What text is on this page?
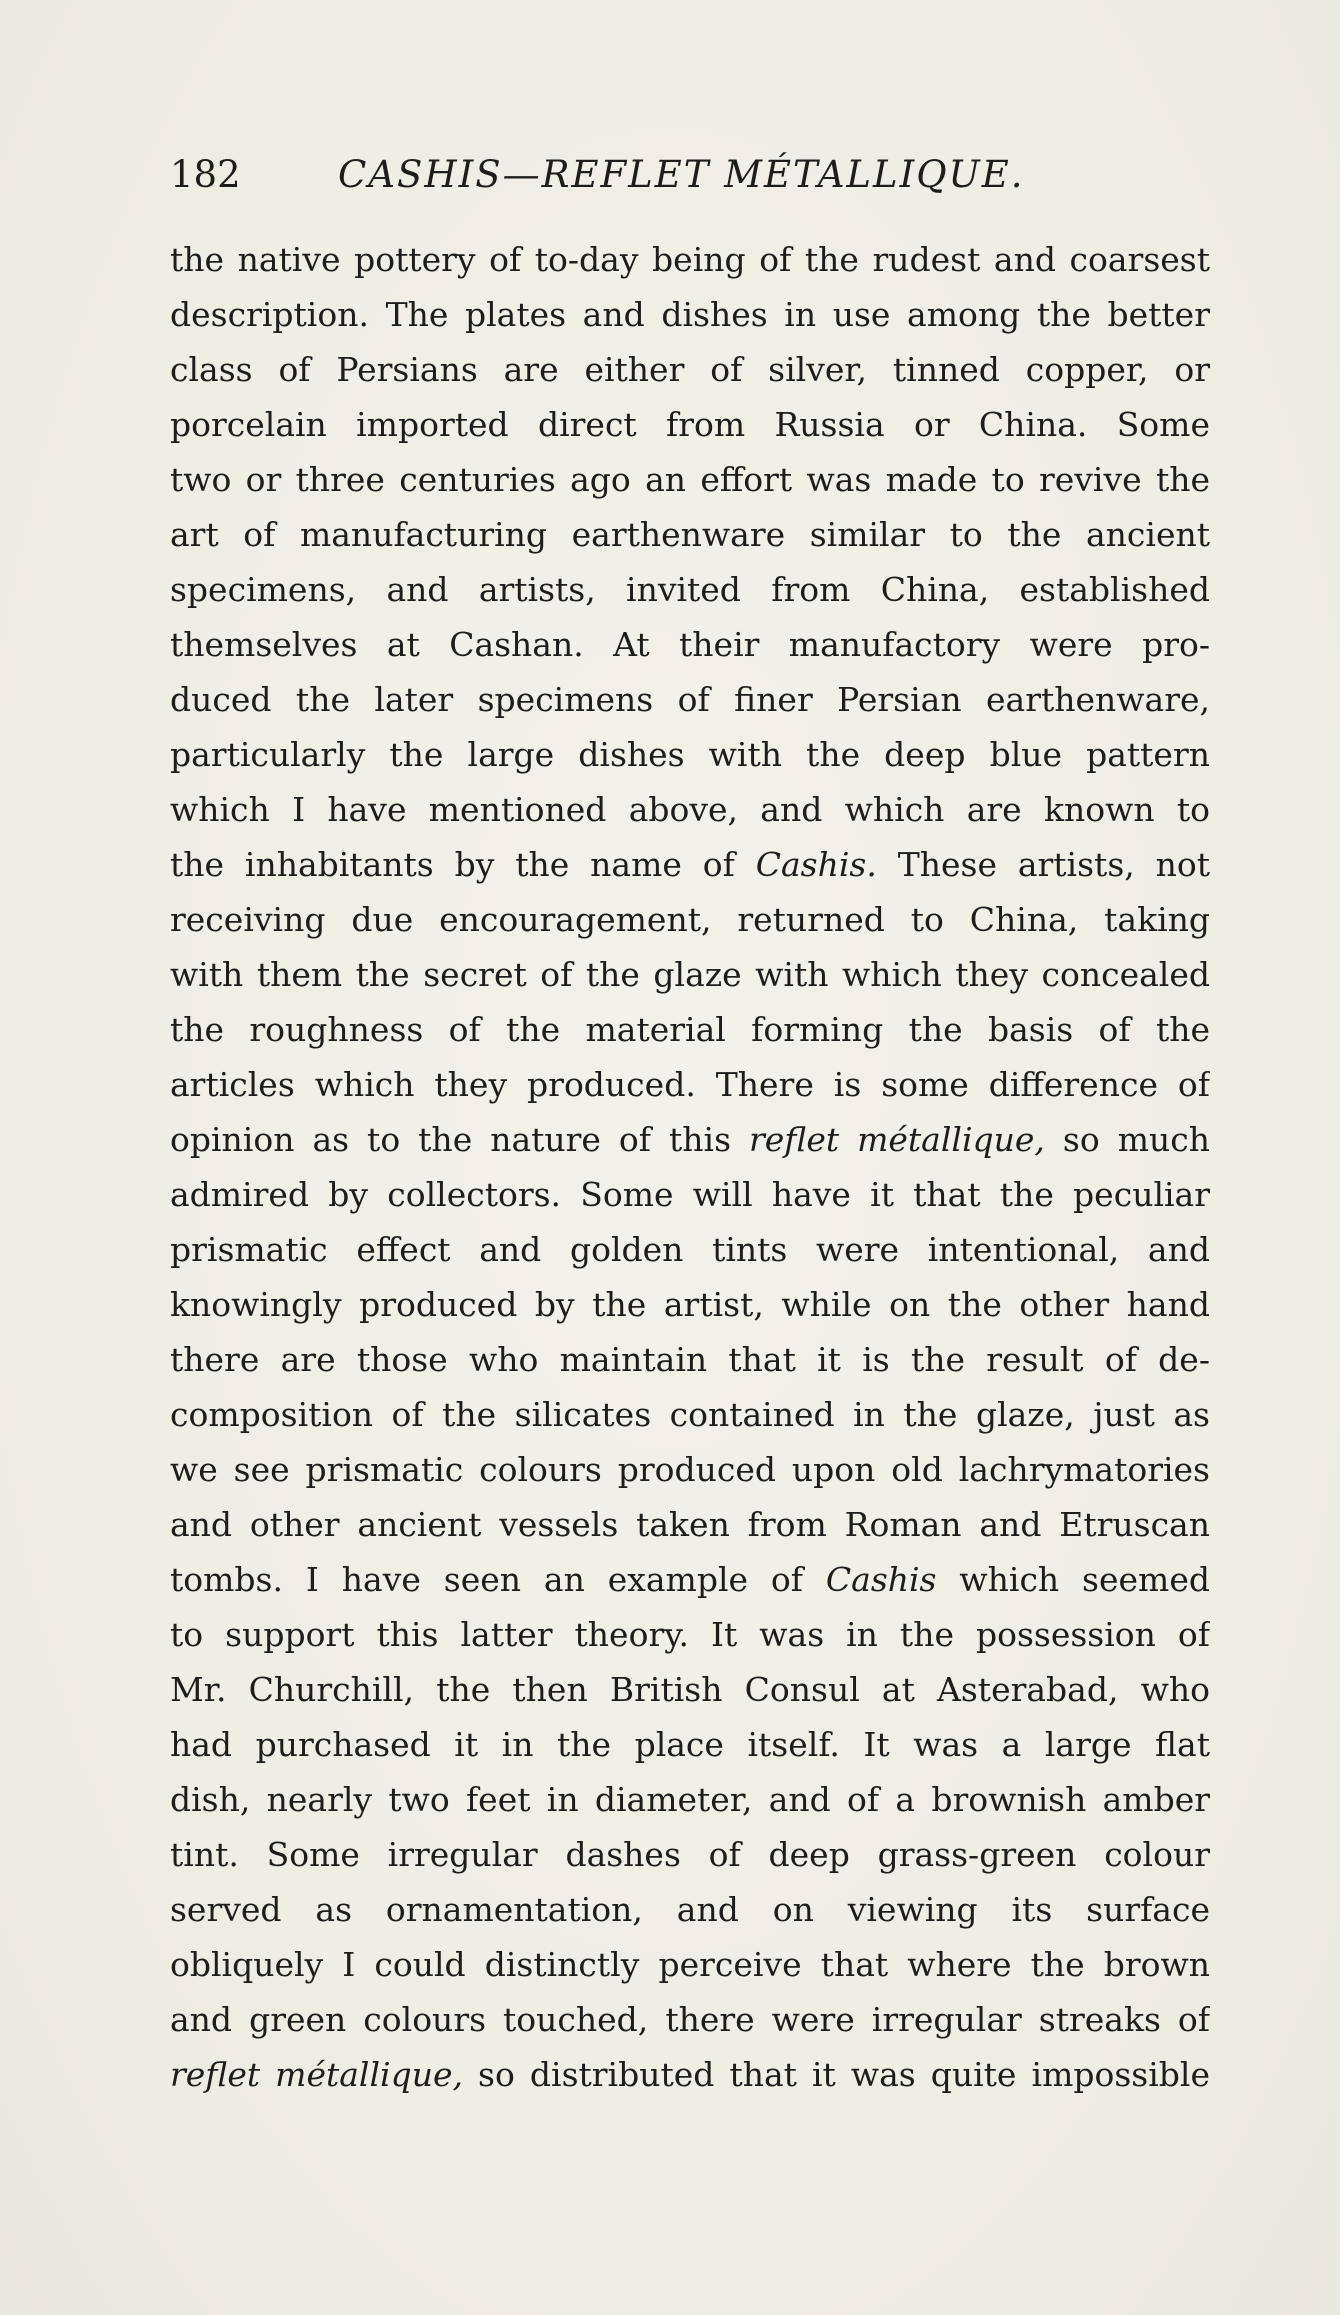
182	CASHIS—REFLET MÉTALLIQUE.
the native pottery of to-day being of the rudest and coarsest
description. The plates and dishes in use among the better
class of Persians are either of silver, tinned copper, or
porcelain imported direct from Russia or China. Some
two or three centuries ago an effort was made to revive the
art of manufacturing earthenware similar to the ancient
specimens, and artists, invited from China, established
themselves at Cashan. At their manufactory were pro-
duced the later specimens of finer Persian earthenware,
particularly the large dishes with the deep blue pattern
which I have mentioned above, and which are known to
the inhabitants by the name of Cashis. These artists, not
receiving due encouragement, returned to China, taking
with them the secret of the glaze with which they concealed
the roughness of the material forming the basis of the
articles which they produced. There is some difference of
opinion as to the nature of this reflet métallique, so much
admired by collectors. Some will have it that the peculiar
prismatic effect and golden tints were intentional, and
knowingly produced by the artist, while on the other hand
there are those who maintain that it is the result of de-
composition of the silicates contained in the glaze, just as
we see prismatic colours produced upon old lachrymatories
and other ancient vessels taken from Roman and Etruscan
tombs. I have seen an example of Cashis which seemed
to support this latter theory. It was in the possession of
Mr. Churchill, the then British Consul at Asterabad, who
had purchased it in the place itself. It was a large flat
dish, nearly two feet in diameter, and of a brownish amber
tint. Some irregular dashes of deep grass-green colour
served as ornamentation, and on viewing its surface
obliquely I could distinctly perceive that where the brown
and green colours touched, there were irregular streaks of
reflet métallique, so distributed that it was quite impossible
